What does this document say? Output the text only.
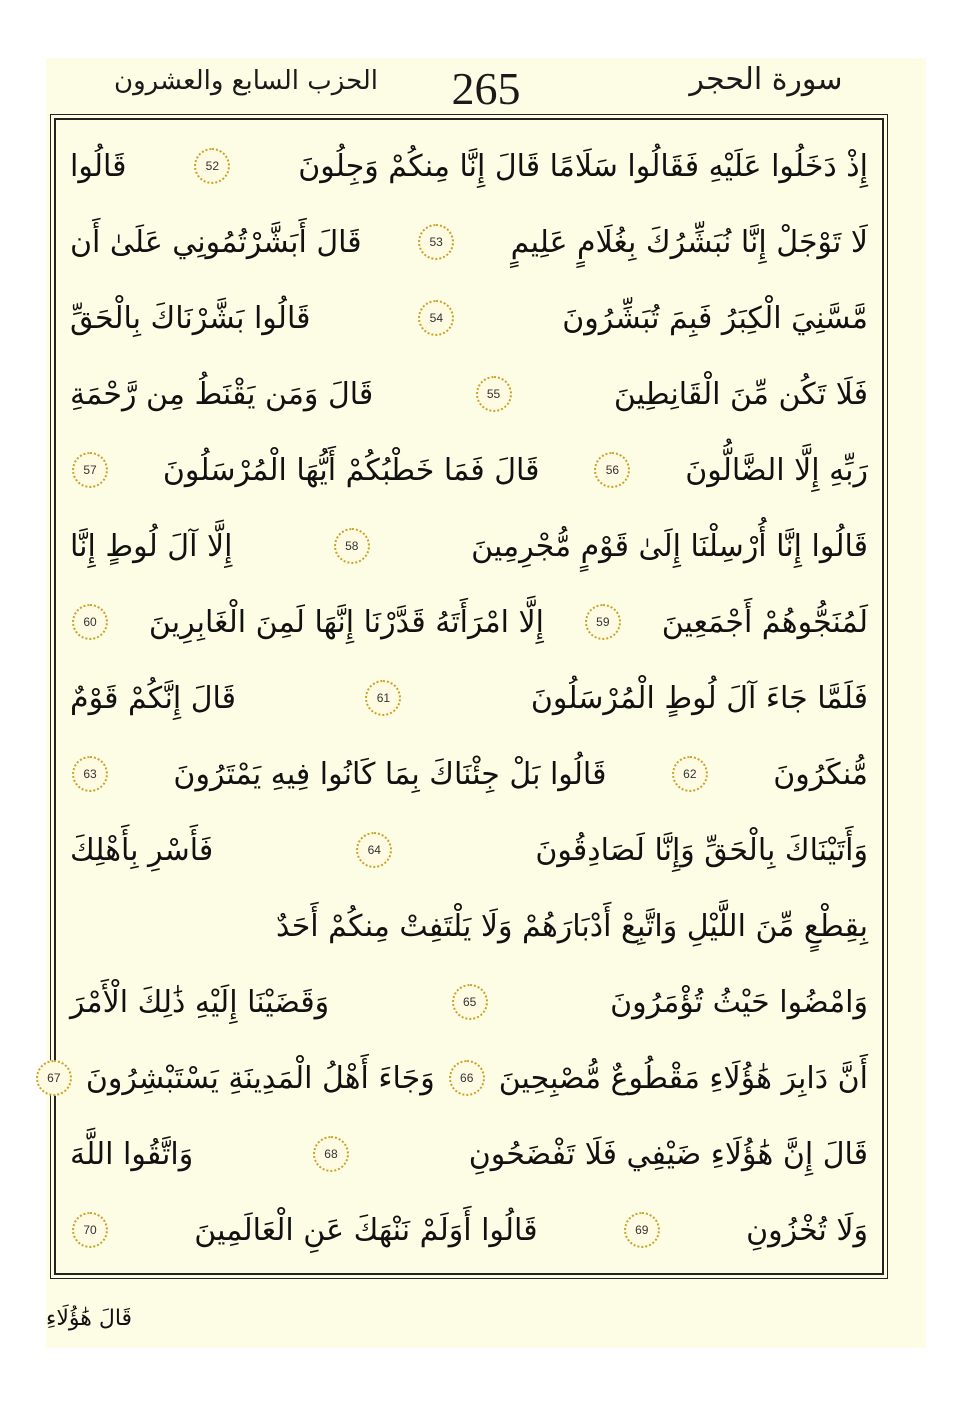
الحزب السابع والعشرون	265	سورة الحجر
إِذْ دَخَلُوا عَلَيْهِ فَقَالُوا سَلَامًا قَالَ إِنَّا مِنكُمْ وَجِلُونَ
52
قَالُوا
لَا تَوْجَلْ إِنَّا نُبَشِّرُكَ بِغُلَامٍ عَلِيمٍ
53
قَالَ أَبَشَّرْتُمُونِي عَلَىٰ أَن
مَّسَّنِيَ الْكِبَرُ فَبِمَ تُبَشِّرُونَ
54
قَالُوا بَشَّرْنَاكَ بِالْحَقِّ
فَلَا تَكُن مِّنَ الْقَانِطِينَ
55
قَالَ وَمَن يَقْنَطُ مِن رَّحْمَةِ
رَبِّهِ إِلَّا الضَّالُّونَ
56
قَالَ فَمَا خَطْبُكُمْ أَيُّهَا الْمُرْسَلُونَ
57
قَالُوا إِنَّا أُرْسِلْنَا إِلَىٰ قَوْمٍ مُّجْرِمِينَ
58
إِلَّا آلَ لُوطٍ إِنَّا
لَمُنَجُّوهُمْ أَجْمَعِينَ
59
إِلَّا امْرَأَتَهُ قَدَّرْنَا إِنَّهَا لَمِنَ الْغَابِرِينَ
60
فَلَمَّا جَاءَ آلَ لُوطٍ الْمُرْسَلُونَ
61
قَالَ إِنَّكُمْ قَوْمٌ
مُّنكَرُونَ
62
قَالُوا بَلْ جِئْنَاكَ بِمَا كَانُوا فِيهِ يَمْتَرُونَ
63
وَأَتَيْنَاكَ بِالْحَقِّ وَإِنَّا لَصَادِقُونَ
64
فَأَسْرِ بِأَهْلِكَ
بِقِطْعٍ مِّنَ اللَّيْلِ وَاتَّبِعْ أَدْبَارَهُمْ وَلَا يَلْتَفِتْ مِنكُمْ أَحَدٌ
وَامْضُوا حَيْثُ تُؤْمَرُونَ
65
وَقَضَيْنَا إِلَيْهِ ذَٰلِكَ الْأَمْرَ
أَنَّ دَابِرَ هَٰؤُلَاءِ مَقْطُوعٌ مُّصْبِحِينَ
66
وَجَاءَ أَهْلُ الْمَدِينَةِ يَسْتَبْشِرُونَ
67
قَالَ إِنَّ هَٰؤُلَاءِ ضَيْفِي فَلَا تَفْضَحُونِ
68
وَاتَّقُوا اللَّهَ
وَلَا تُخْزُونِ
69
قَالُوا أَوَلَمْ نَنْهَكَ عَنِ الْعَالَمِينَ
70
قَالَ هَٰؤُلَاءِ
